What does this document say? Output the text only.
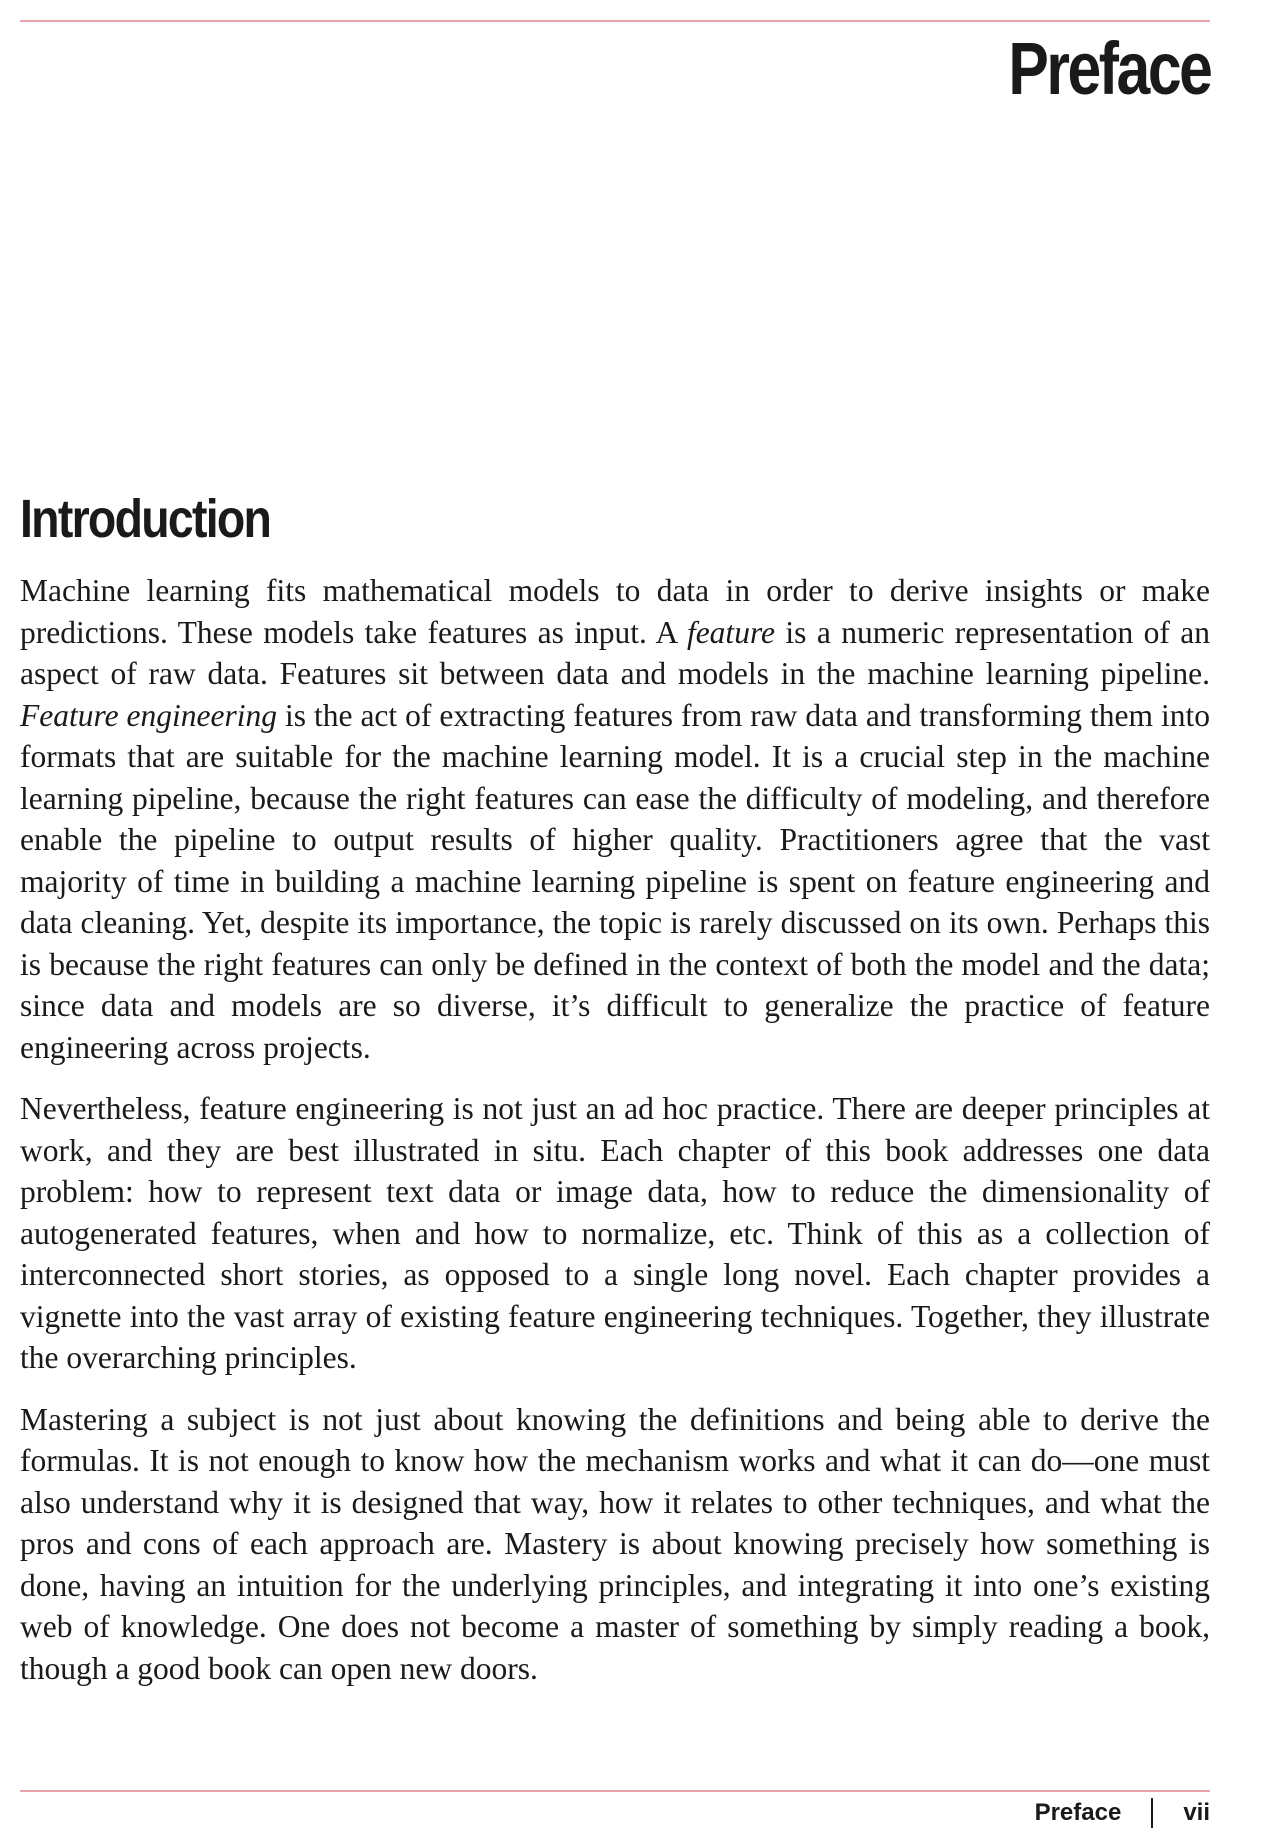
Preface
Introduction

Machine learning fits mathematical models to data in order to derive insights or make predictions. These models take features as input. A feature is a numeric representation of an aspect of raw data. Features sit between data and models in the machine learning pipeline. Feature engineering is the act of extracting features from raw data and transforming them into formats that are suitable for the machine learning model. It is a crucial step in the machine learning pipeline, because the right features can ease the difficulty of modeling, and therefore enable the pipeline to output results of higher quality. Practitioners agree that the vast majority of time in building a machine learning pipeline is spent on feature engineering and data cleaning. Yet, despite its importance, the topic is rarely discussed on its own. Perhaps this is because the right features can only be defined in the context of both the model and the data; since data and models are so diverse, it’s difficult to generalize the practice of feature engineering across projects.

Nevertheless, feature engineering is not just an ad hoc practice. There are deeper principles at work, and they are best illustrated in situ. Each chapter of this book addresses one data problem: how to represent text data or image data, how to reduce the dimensionality of autogenerated features, when and how to normalize, etc. Think of this as a collection of interconnected short stories, as opposed to a single long novel. Each chapter provides a vignette into the vast array of existing feature engineering techniques. Together, they illustrate the overarching principles.

Mastering a subject is not just about knowing the definitions and being able to derive the formulas. It is not enough to know how the mechanism works and what it can do—one must also understand why it is designed that way, how it relates to other techniques, and what the pros and cons of each approach are. Mastery is about knowing precisely how something is done, having an intuition for the underlying principles, and integrating it into one’s existing web of knowledge. One does not become a master of something by simply reading a book, though a good book can open new doors.

Preface	vii
